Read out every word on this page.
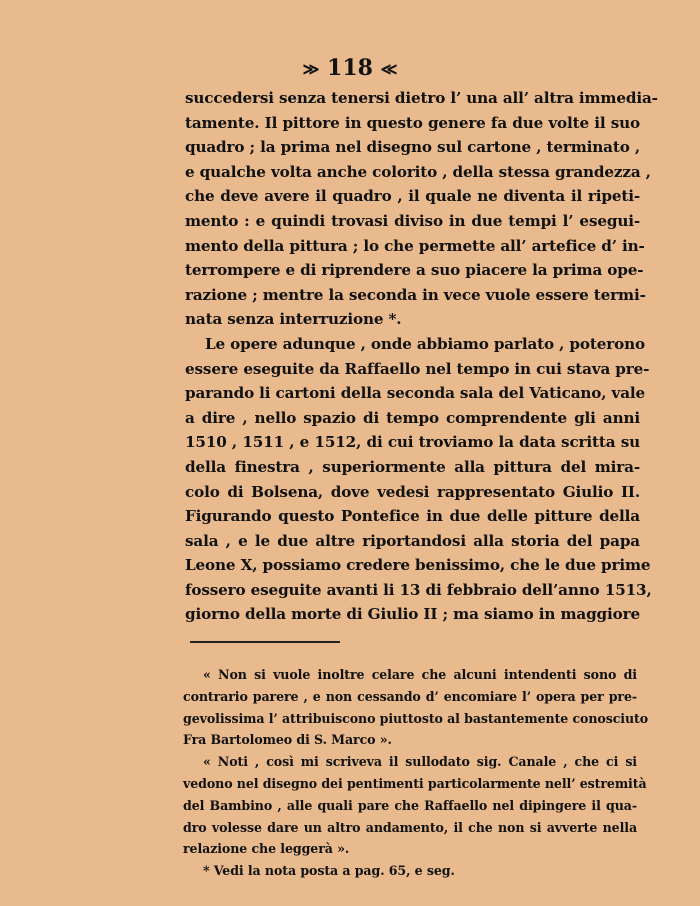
≫ 118 ≪
succedersi senza tenersi dietro l’ una all’ altra immedia-
tamente. Il pittore in questo genere fa due volte il suo
quadro ; la prima nel disegno sul cartone , terminato ,
e qualche volta anche colorito , della stessa grandezza ,
che deve avere il quadro , il quale ne diventa il ripeti-
mento : e quindi trovasi diviso in due tempi l’ esegui-
mento della pittura ; lo che permette all’ artefice d’ in-
terrompere e di riprendere a suo piacere la prima ope-
razione ; mentre la seconda in vece vuole essere termi-
nata senza interruzione *.
Le opere adunque , onde abbiamo parlato , poterono
essere eseguite da Raffaello nel tempo in cui stava pre-
parando li cartoni della seconda sala del Vaticano, vale
a dire , nello spazio di tempo comprendente gli anni
1510 , 1511 , e 1512, di cui troviamo la data scritta su
della finestra , superiormente alla pittura del mira-
colo di Bolsena, dove vedesi rappresentato Giulio II.
Figurando questo Pontefice in due delle pitture della
sala , e le due altre riportandosi alla storia del papa
Leone X, possiamo credere benissimo, che le due prime
fossero eseguite avanti li 13 di febbraio dell’anno 1513,
giorno della morte di Giulio II ; ma siamo in maggiore
« Non si vuole inoltre celare che alcuni intendenti sono di
contrario parere , e non cessando d’ encomiare l’ opera per pre-
gevolissima l’ attribuiscono piuttosto al bastantemente conosciuto
Fra Bartolomeo di S. Marco ».
« Noti , così mi scriveva il sullodato sig. Canale , che ci si
vedono nel disegno dei pentimenti particolarmente nell’ estremità
del Bambino , alle quali pare che Raffaello nel dipingere il qua-
dro volesse dare un altro andamento, il che non si avverte nella
relazione che leggerà ».
* Vedi la nota posta a pag. 65, e seg.
